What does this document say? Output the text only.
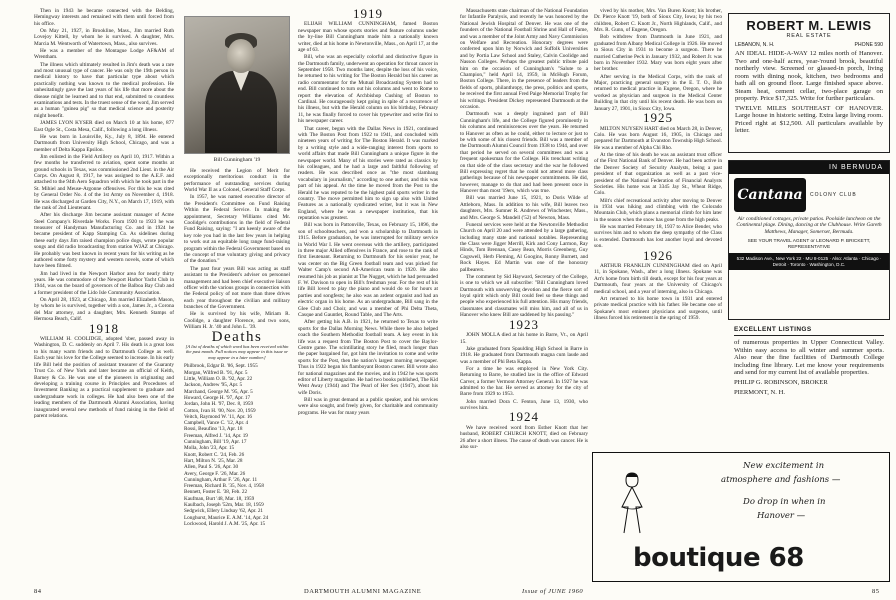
Then in 1943 he became connected with the Belding, Hemingway interests and remained with them until forced from his office.

On May 21, 1927, in Brookline, Mass., Jim married Ruth Lovejoy Kittell, by whom he is survived. A daughter, Mrs. Marcia M. Wentworth of Watertown, Mass., also survives.

He was a member of the Montague Lodge AF&AM of Wrentham.

The illness which ultimately resulted in Jim's death was a rare and most unusual type of cancer. He was only the 19th person in medical history to have that particular type about which practically nothing was known to the medical profession. He unhesitatingly gave the last years of his life that more about the disease might be learned and to that end, submitted to countless examinations and tests. In the truest sense of the word, Jim served as a human "guinea pig" so that medical science and posterity might benefit.

JAMES LYON KYSER died on March 10 at his home, 877 East Ogle St., Costa Mesa, Calif., following a long illness.

He was born in Louisville, Ky., July 8, 1894. He entered Dartmouth from University High School, Chicago, and was a member of Delta Kappa Epsilon.

Jim enlisted in the Field Artillery on April 10, 1917. Within a few months he transferred to aviation, spent some months at ground schools in Texas, was commissioned 2nd Lieut. in the Air Corps. On August 8, 1917, he was assigned to the A.E.F. and attached to the 94th Aero Squadron with which he took part in the St. Mihiel and Meuse-Argonne offensives. For this he was cited by General Order No. 4 of the 1st Army on November 4, 1918. He was discharged at Garden City, N.Y., on March 17, 1919, with the rank of 2nd Lieutenant.

After his discharge Jim became assistant manager of Acme Steel Company's Riverdale Works. From 1920 to 1923 he was treasurer of Handyman Manufacturing Co. and in 1924 he became president of Kapp Stamping Co. As sidelines during these early days Jim raised champion police dogs, wrote popular songs and did radio broadcasting from station WJAZ at Chicago. He probably was best known in recent years for his writing as he authored some forty mystery and western novels, some of which have been filmed.

Jim had lived in the Newport Harbor area for nearly thirty years. He was commodore of the Newport Harbor Yacht Club in 1944, was on the board of governors of the Balboa Bay Club and a former president of the Lido Isle Community Association.

On April 28, 1923, at Chicago, Jim married Elizabeth Mason, by whom he is survived, together with a son, James Jr., a Corona del Mar attorney, and a daughter, Mrs. Kenneth Stamps of Hermosa Beach, Calif.

1918

WILLIAM H. COOLIDGE, adopted 'sber, passed away in Washington, D. C. suddenly on April 7. His death is a great loss to his many warm friends and to Dartmouth College as well. Each year his love for the College seemed to increase. In his early life Bill held the position of assistant treasurer of the Guaranty Trust Co. of New York and later became an official of Keith, Barney & Co. He was one of the pioneers in originating and developing a training course in Principles and Procedures of Investment Banking as a practical supplement to graduate and undergraduate work in colleges. He had also been one of the leading members of the Dartmouth Alumni Association, having inaugurated several new methods of fund raising in the field of parent relations.

Bill Cunningham '19

He received the Legion of Merit for exceptionally meritorious conduct in the performance of outstanding services during World War II as a Colonel, General Staff Corps.

In 1957, he was named executive director of the President's Committee on Fund Raising Within the Federal Service. In making the appointment, Secretary Williams cited Mr. Coolidge's contributions in the field of Federal Fund Raising, saying: "I am keenly aware of the key role you had in the last few years in helping to work out an equitable long range fund-raising program within the Federal Government based on the concept of true voluntary giving and privacy of the donation."

The past four years Bill was acting as staff assistant to the President's adviser on personnel management and had been chief executive liaison officer with the various groups in connection with the Federal policy of not more than three drives each year throughout the civilian and military branches of the Government.

He is survived by his wife, Miriam R. Coolidge, a daughter Florence, and two sons, William H. Jr. '40 and John L. '39.

Deaths
[A list of deaths of which word has been received within the past month. Full notices may appear in this issue or may appear in a later number.]
Philbrook, Edgar B. '86, Sept. 1955
Morgan, Wilfred B. '91, Apr. 5
Little, William O. B. '92, Apr. 22
Jackson, Andrew '95, Apr. 5
Marchand, George M. '95, Apr. 5
Howard, George H. '97, Apr. 17
Jordan, John H. '97, Dec. 8, 1959
Cotton, Ivan H. '00, Nov. 20, 1959
Veitch, Raymond W. '11, Apr. 16
Campbell, Vance C. '12, Apr. 4
Rossi, Beaufino '13, Apr. 18
Freeman, Alfred J. '14, Apr. 19
Cunningham, Bill '19, Apr. 17
Molla, John '23, Apr. 15
Knott, Robert C. '24, Feb. 26
Hart, Milton N. '25, Mar. 28
Allen, Paul S. '26, Apr. 30
Avery, George F. '26, Mar. 26
Cunningham, Arthur F. '26, Apr. 11
Freeman, Richard B. '35, Nov. 4, 1958
Bennett, Foster E. '38, Feb. 22
Kaufman, Burt '48, Mar. 18, 1959
Kaulbach, Joseph '52m, Mar. 18, 1959
Sedgwick, Ellery Lindsay '62, Apr. 21
Longhurst, Maurice E. A.M. '14, Apr. 24
Lockwood, Harold J. A.M. '25, Apr. 15
1919

ELIJAH WILLIAM CUNNINGHAM, famed Boston newspaper man whose sports stories and feature columns under the by-line Bill Cunningham made him a nationally known writer, died at his home in Newtonville, Mass., on April 17, at the age of 63.

Bill, who was an especially colorful and distinctive figure in the Dartmouth family, underwent an operation for throat cancer in September 1958. Two months later, despite the loss of his voice, he returned to his writing for The Boston Herald but his career as radio commentator for the Mutual Broadcasting System had to end. Bill continued to turn out his columns and went to Rome to report the elevation of Archbishop Cushing of Boston to Cardinal. He courageously kept going in spite of a recurrence of his illness, but with the Herald column on his birthday, February 11, he was finally forced to cover his typewriter and write fini to his newspaper career.

That career, begun with the Dallas News in 1921, continued with The Boston Post from 1922 to 1941, and concluded with nineteen years of writing for The Boston Herald. It was marked by a writing style and a wide-ranging interest from sports to world affairs that made Bill Cunningham a unique figure in the newspaper world. Many of his stories were rated as classics by his colleagues, and he had a large and faithful following of readers. He was described once as "the most slambang vocabulary in journalism," according to one author, and this was part of his appeal. At the time he moved from the Post to the Herald he was reputed to be the highest paid sports writer in the country. The move permitted him to sign up also with United Features as a nationally syndicated writer, but it was in New England, where he was a newspaper institution, that his reputation was greatest.

Bill was born in Pattonville, Texas, on February 15, 1896, the son of schoolteachers, and won a scholarship to Dartmouth in 1915. Before graduation, he was interrupted for military service in World War I. He went overseas with the artillery, participated in three major Allied offensives in France, and rose to the rank of first lieutenant. Returning to Dartmouth for his senior year, he was center on the Big Green football team and was picked for Walter Camp's second All-American team in 1920. He also resumed his job as pianist at The Nugget, which he had persuaded F. W. Davison to open in Bill's freshman year. For the rest of his life Bill loved to play the piano and would do so for hours at parties and songfests; he also was an ardent organist and had an electric organ in his home. As an undergraduate, Bill sang in the Glee Club and Choir, and was a member of Phi Delta Theta, Casque and Gauntlet, Round Table, and The Arts.

After getting his A.B. in 1921, he returned to Texas to write sports for the Dallas Morning News. While there he also helped coach the Southern Methodist football team. A key event in his life was a request from The Boston Post to cover the Baylor-Centre game. The scintillating story he filed, much longer than the paper bargained for, got him the invitation to come and write sports for the Post, then the nation's largest morning newspaper. Thus in 1922 began his flamboyant Boston career. Bill wrote also for national magazines and the movies, and in 1942 he was sports editor of Liberty magazine. He had two books published, The Kid Went Away (1944) and The Pearl of Her Sex (1947), about his wife Doris.

Bill was in great demand as a public speaker, and his services were also sought, and freely given, for charitable and community programs. He was for many years

84	DARTMOUTH ALUMNI MAGAZINE

Massachusetts state chairman of the National Foundation for Infantile Paralysis, and recently he was honored by the National Jewish Hospital of Denver. He was one of the founders of the National Football Shrine and Hall of Fame, and was a member of the Joint Army and Navy Commission on Welfare and Recreation. Honorary degrees were conferred upon him by Norwich and Suffolk Universities and by Portia Law School and Staley, Calvin Coolidge and Nasson Colleges. Perhaps the greatest public tribute paid him on the occasion of Cunningham's "Salute to a Champion," held April 14, 1959, in McHugh Forum, Boston College. There, in the presence of leaders from the fields of sports, philanthropy, the press, politics and sports, he received the first annual Fred Paige Memorial Trophy for his writings. President Dickey represented Dartmouth at the occasion.

Dartmouth was a deeply ingrained part of Bill Cunningham's life, and the College figured prominently in his columns and reminiscences over the years. He returned to Hanover as often as he could, either to lecture or just to be with some of his closest friends. Bill was a member of the Dartmouth Alumni Council from 1938 to 1944, and over that period he served on several committees and was a frequent spokesman for the College. His trenchant writing on that side of the class secretary and the war he followed Bill expressing regret that he could not attend more class gatherings because of his newspaper commitments. He did, however, manage to do that and had been present once in Hanover than most '19ers, which was true.

Bill was married June 15, 1921, to Doris Wilde of Attleboro, Mass. In addition to his wife, Bill leaves two daughters, Mrs. Sumner R. Andrews of Winchester, Mass., and Mrs. George S. Mandell ('52) of Newton, Mass.

Funeral services were held at the Newtonville Methodist Church on April 20 and were attended by a large gathering, including many state and national notables. Representing the Class were Jigger Merrill, Kirk and Cony Larmon, Ray Hinds, Tom Brennan, Casey Bean, Morris Greenberg, Guy Cogswell, Herb Fleming, Al Googins, Ronny Burnett, and Rock Hayes. Ed Martin was one of the honorary pallbearers.

The comment by Sid Hayward, Secretary of the College, is one to which we all subscribe: "Bill Cunningham loved Dartmouth with unswerving devotion and the fierce sort of loyal spirit which only Bill could feel so these things and people who experienced his full attention. His many friends, classmates and classmates will miss him, and all of us in Hanover who knew Bill are saddened by his passing."

1923

JOHN MOLLA died at his home in Barre, Vt., on April 15.

Jake graduated from Spaulding High School in Barre in 1918. He graduated from Dartmouth magna cum laude and was a member of Phi Beta Kappa.

For a time he was employed in New York City. Returning to Barre, he studied law in the office of Edward Carver, a former Vermont Attorney General. In 1927 he was admitted to the bar. He served as attorney for the city of Barre from 1929 to 1953.

John married Dora C. Fenton, June 13, 1930, who survives him.

1924

We have received word from Esther Knott that her husband, ROBERT CHURCH KNOTT, died on February 26 after a short illness. The cause of death was cancer. He is also sur-

vived by his mother, Mrs. Van Buren Knott; his brother, Dr. Pierce Knott '19, both of Sioux City, Iowa; by his two children, Robert C. Knott Jr., North Highlands, Calif., and Mrs. R. Gunn, of Eugene, Oregon.

Bob withdrew from Dartmouth in June 1921, and graduated from Albany Medical College in 1926. He moved to Sioux City in 1931 to become a surgeon. There he married Catherine Peck in January 1932, and Robert Jr. was born in November 1932. Mary was born eight years after her brother.

After serving in the Medical Corps, with the rank of Major, practicing general surgery in the E. T. O., Bob returned to medical practice in Eugene, Oregon, where he worked as physician and surgeon in the Medical Center Building in that city until his recent death. He was born on January 27, 1901, in Sioux City, Iowa.

1925

MILTON NUYSEN HART died on March 28, in Denver, Colo. He was born August 16, 1905, in Chicago and prepared for Dartmouth at Evanston Township High School. He was a member of Alpha Chi Rho.

At the time of his death he was an assistant trust officer of the First National Bank of Denver. He had been active in the Denver Society of Security Analysts, being a past president of that organization as well as a past vice-president of the National Federation of Financial Analysts Societies. His home was at 3345 Jay St., Wheat Ridge, Colo.

Milt's chief recreational activity after moving to Denver in 1934 was hiking and climbing with the Colorado Mountain Club, which plans a memorial climb for him later in the season when the snow has gone from the high peaks.

He was married February 18, 1937 to Alice Bender, who survives him and to whom the deep sympathy of the Class is extended. Dartmouth has lost another loyal and devoted son.

1926

ARTHUR FRANKLIN CUNNINGHAM died on April 11, in Spokane, Wash., after a long illness. Spokane was Art's home from birth till death, except for his four years at Dartmouth, four years at the University of Chicago's medical school, and a year of interning, also in Chicago.

Art returned to his home town in 1931 and entered private medical practice with his father. He became one of Spokane's most eminent physicians and surgeons, until illness forced his retirement in the spring of 1959.

ROBERT M. LEWIS
REAL ESTATE
LEBANON, N. H.	PHONE 590

AN IDEAL HIDE-A-WAY 12 miles north of Hanover. Two and one-half acres, year-'round brook, beautiful northerly view. Screened or glassed-in porch, living room with dining nook, kitchen, two bedrooms and bath all on ground floor. Large finished space above. Steam heat, cement cellar, two-place garage on property. Price $17,325. Write for further particulars.

TWELVE MILES SOUTHEAST OF HANOVER. Large house in historic setting. Extra large living room. Priced right at $12,500. All particulars available by letter.

IN BERMUDA
Cantana	COLONY CLUB
Air conditioned cottages, private patios. Poolside luncheon on the Continental plage. Dining, dancing at the Clubhouse. Write Gareth Matthews, Manager, Somerset, Bermuda.
SEE YOUR TRAVEL AGENT or LEONARD P. BRICKETT, REPRESENTATIVE
532 Madison Ave., New York 22 · MU 8-0125 · Also: Atlanta · Chicago · Detroit · Toronto · Washington, D.C.
EXCELLENT LISTINGS

of numerous properties in Upper Connecticut Valley. Within easy access to all winter and summer sports. Also near the fine facilities of Dartmouth College including fine library. Let me know your requirements and send for my current list of available properties.

PHILIP G. ROBINSON, BROKER

PIERMONT, N. H.

New excitement in
atmosphere and fashions —
Do drop in when in
Hanover —
boutique 68
Issue of JUNE 1960	85
